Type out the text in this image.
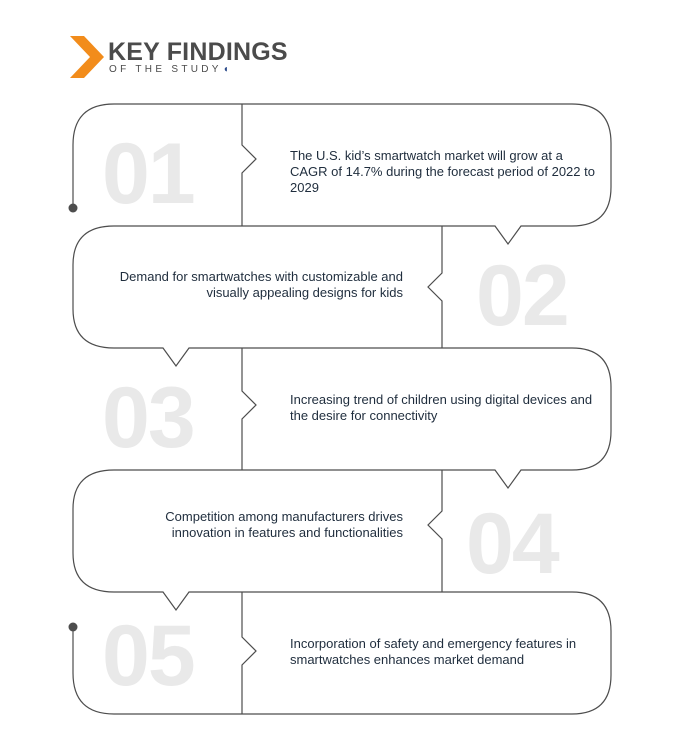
KEY FINDINGS
OF THE STUDY◖
01	The U.S. kid’s smartwatch market will grow at a CAGR of 14.7% during the forecast period of 2022 to 2029
02
Demand for smartwatches with customizable and visually appealing designs for kids
03	Increasing trend of children using digital devices and the desire for connectivity
04
Competition among manufacturers drives innovation in features and functionalities
05	Incorporation of safety and emergency features in smartwatches enhances market demand
